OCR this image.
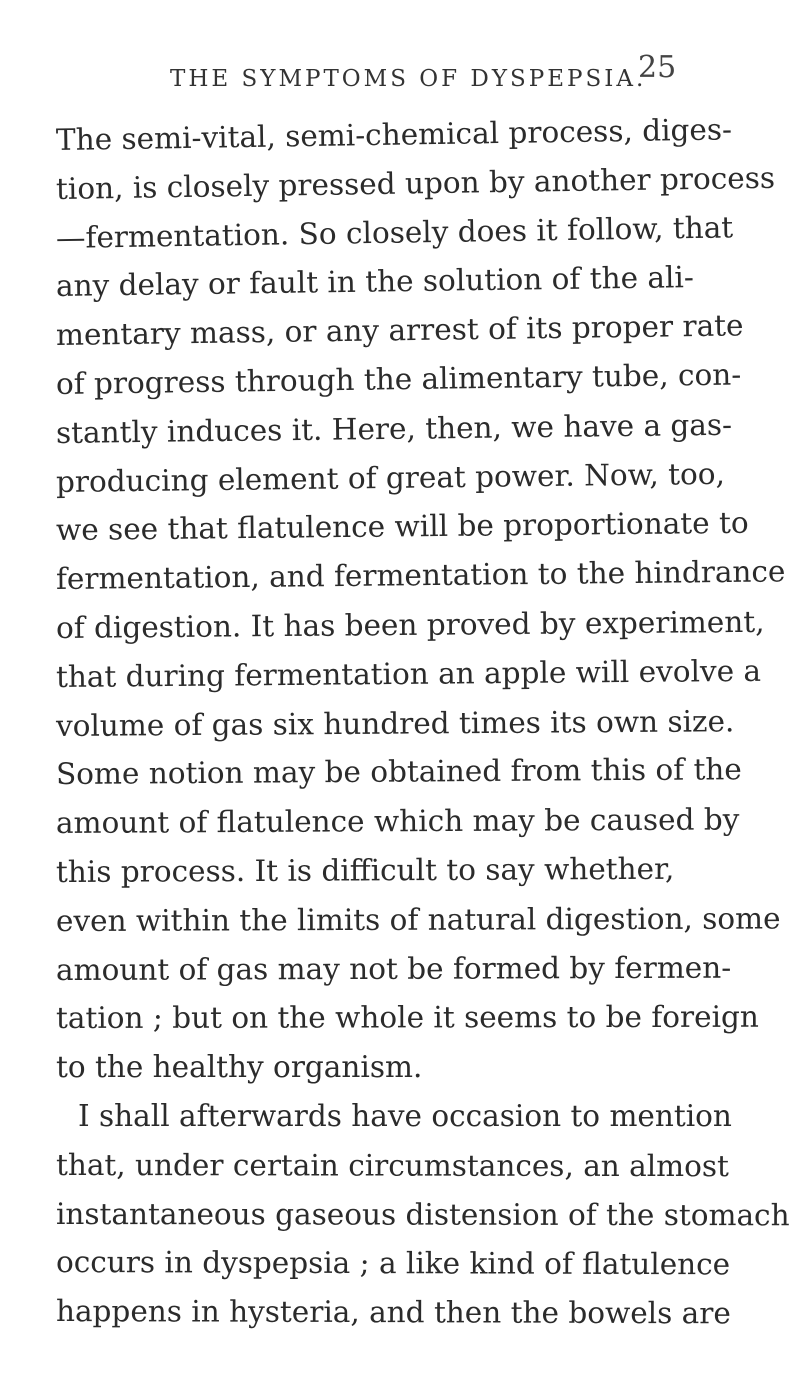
THE SYMPTOMS OF DYSPEPSIA.
25
The semi-vital, semi-chemical process, diges-
tion, is closely pressed upon by another process
—fermentation. So closely does it follow, that
any delay or fault in the solution of the ali-
mentary mass, or any arrest of its proper rate
of progress through the alimentary tube, con-
stantly induces it. Here, then, we have a gas-
producing element of great power. Now, too,
we see that flatulence will be proportionate to
fermentation, and fermentation to the hindrance
of digestion. It has been proved by experiment,
that during fermentation an apple will evolve a
volume of gas six hundred times its own size.
Some notion may be obtained from this of the
amount of flatulence which may be caused by
this process. It is difficult to say whether,
even within the limits of natural digestion, some
amount of gas may not be formed by fermen-
tation ; but on the whole it seems to be foreign
to the healthy organism.
I shall afterwards have occasion to mention
that, under certain circumstances, an almost
instantaneous gaseous distension of the stomach
occurs in dyspepsia ; a like kind of flatulence
happens in hysteria, and then the bowels are
